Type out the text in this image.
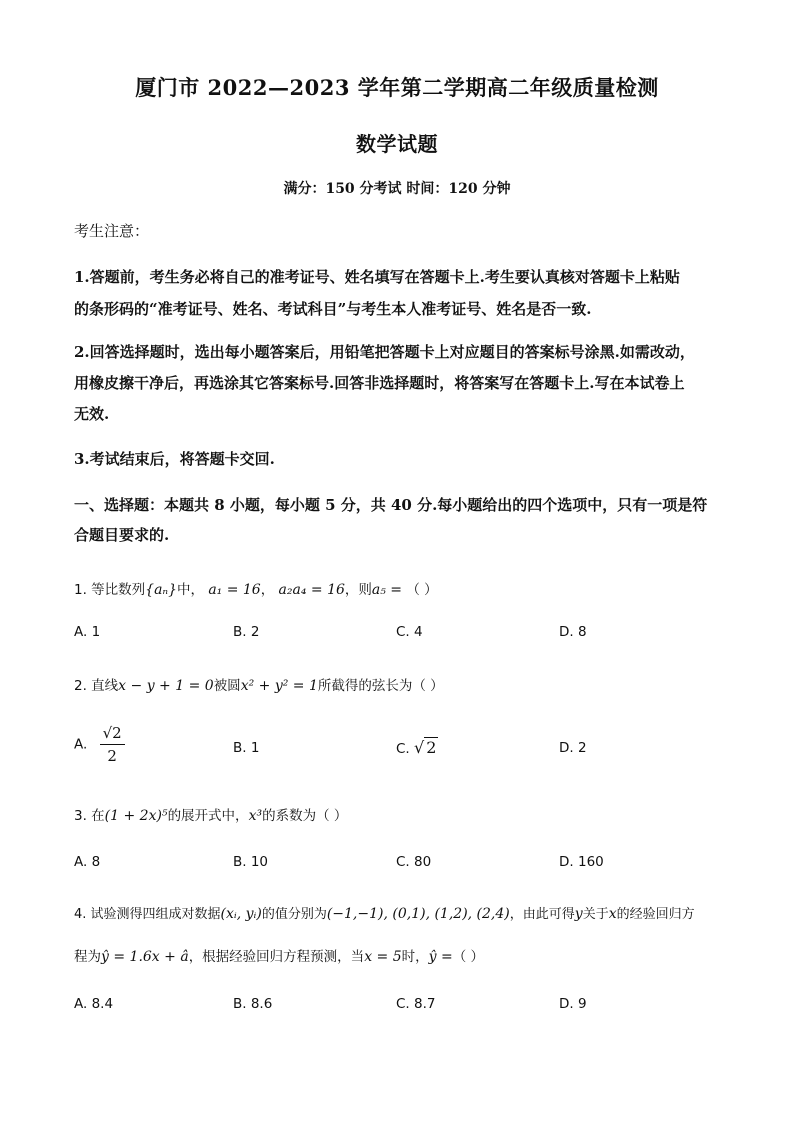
厦门市 2022—2023 学年第二学期高二年级质量检测
数学试题
满分：150 分考试 时间：120 分钟
考生注意：
1.答题前，考生务必将自己的准考证号、姓名填写在答题卡上.考生要认真核对答题卡上粘贴
的条形码的“准考证号、姓名、考试科目”与考生本人准考证号、姓名是否一致.
2.回答选择题时，选出每小题答案后，用铅笔把答题卡上对应题目的答案标号涂黑.如需改动，
用橡皮擦干净后，再选涂其它答案标号.回答非选择题时，将答案写在答题卡上.写在本试卷上
无效.
3.考试结束后，将答题卡交回.
一、选择题：本题共 8 小题，每小题 5 分，共 40 分.每小题给出的四个选项中，只有一项是符
合题目要求的.
1. 等比数列{aₙ}中， a₁ = 16， a₂a₄ = 16，则a₅ = （ ）
A. 1	B. 2	C. 4	D. 8
2. 直线x − y + 1 = 0被圆x² + y² = 1所截得的弦长为（ ）
A. $\frac{√2}{2}$	B. 1	C. √ 2	D. 2
3. 在(1 + 2x)⁵的展开式中，x³的系数为（ ）
A. 8	B. 10	C. 80	D. 160
4. 试验测得四组成对数据(xᵢ, yᵢ)的值分别为(−1,−1), (0,1), (1,2), (2,4)，由此可得y关于x的经验回归方
程为ŷ = 1.6x + â，根据经验回归方程预测，当x = 5时，ŷ =（ ）
A. 8.4	B. 8.6	C. 8.7	D. 9
